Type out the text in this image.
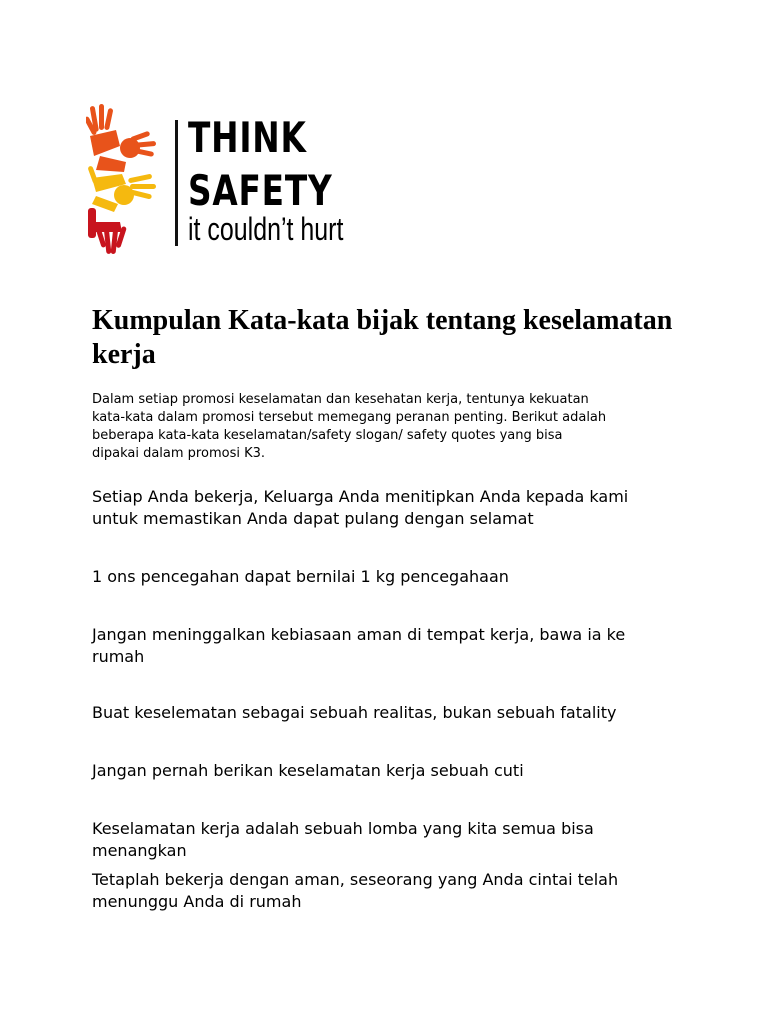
THINK
SAFETY
it couldn’t hurt
Kumpulan Kata-kata bijak tentang keselamatan kerja

Dalam setiap promosi keselamatan dan kesehatan kerja, tentunya kekuatan
kata-kata dalam promosi tersebut memegang peranan penting. Berikut adalah
beberapa kata-kata keselamatan/safety slogan/ safety quotes yang bisa
dipakai dalam promosi K3.

Setiap Anda bekerja, Keluarga Anda menitipkan Anda kepada kami
untuk memastikan Anda dapat pulang dengan selamat

1 ons pencegahan dapat bernilai 1 kg pencegahaan

Jangan meninggalkan kebiasaan aman di tempat kerja, bawa ia ke
rumah

Buat keselematan sebagai sebuah realitas, bukan sebuah fatality

Jangan pernah berikan keselamatan kerja sebuah cuti

Keselamatan kerja adalah sebuah lomba yang kita semua bisa
menangkan

Tetaplah bekerja dengan aman, seseorang yang Anda cintai telah
menunggu Anda di rumah
